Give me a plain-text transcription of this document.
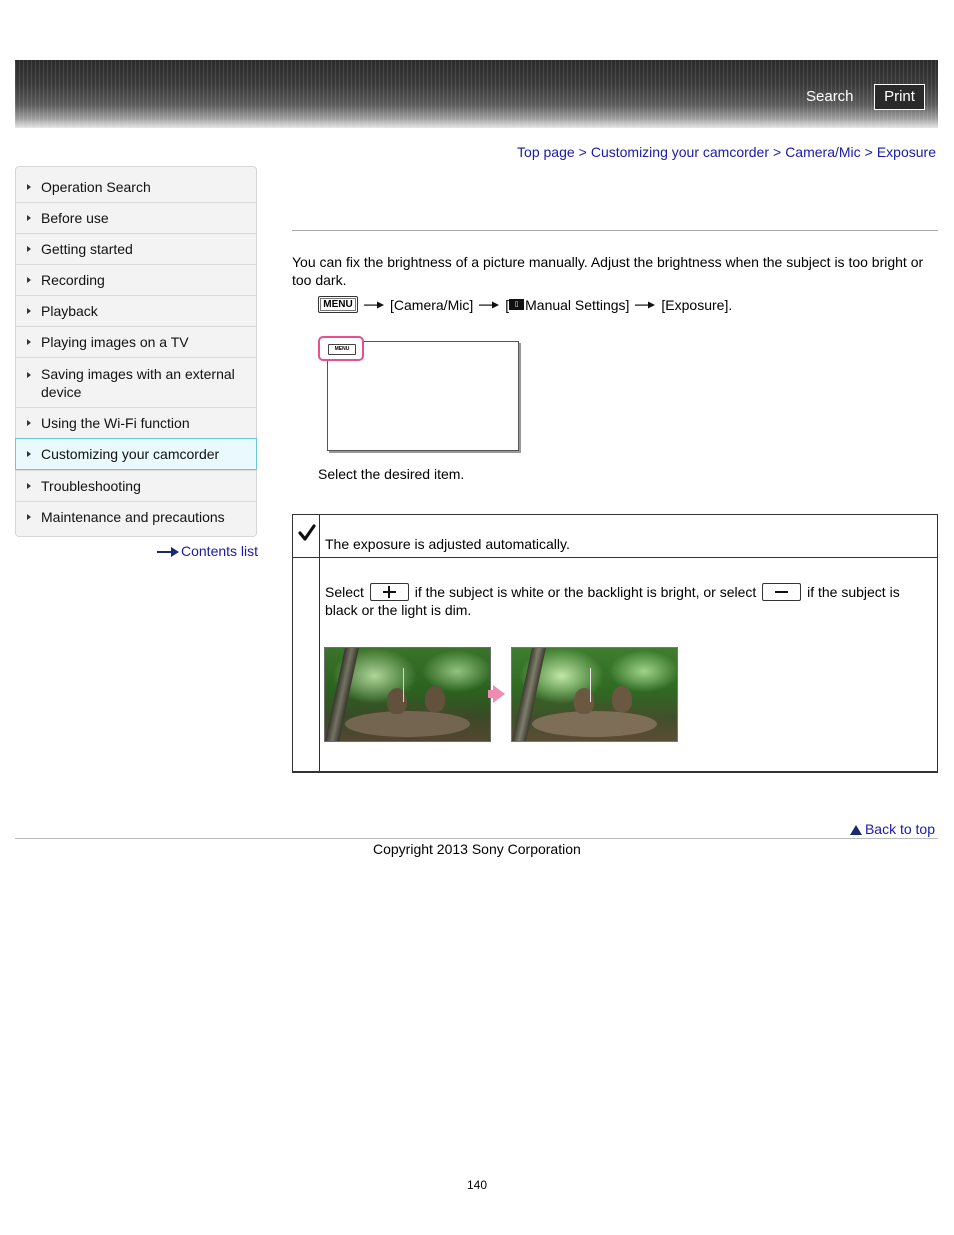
Search	Print
Top page > Customizing your camcorder > Camera/Mic > Exposure
Operation Search
Before use
Getting started
Recording
Playback
Playing images on a TV
Saving images with an external device
Using the Wi-Fi function
Customizing your camcorder
Troubleshooting
Maintenance and precautions
Contents list
You can fix the brightness of a picture manually. Adjust the brightness when the subject is too bright or too dark.
MENU	[Camera/Mic] [ ▯ Manual Settings] [Exposure].
MENU
Select the desired item.
The exposure is adjusted automatically.
Select	if the subject is white or the backlight is bright, or select	if the subject is black or the light is dim.
Back to top
Copyright 2013 Sony Corporation
140
